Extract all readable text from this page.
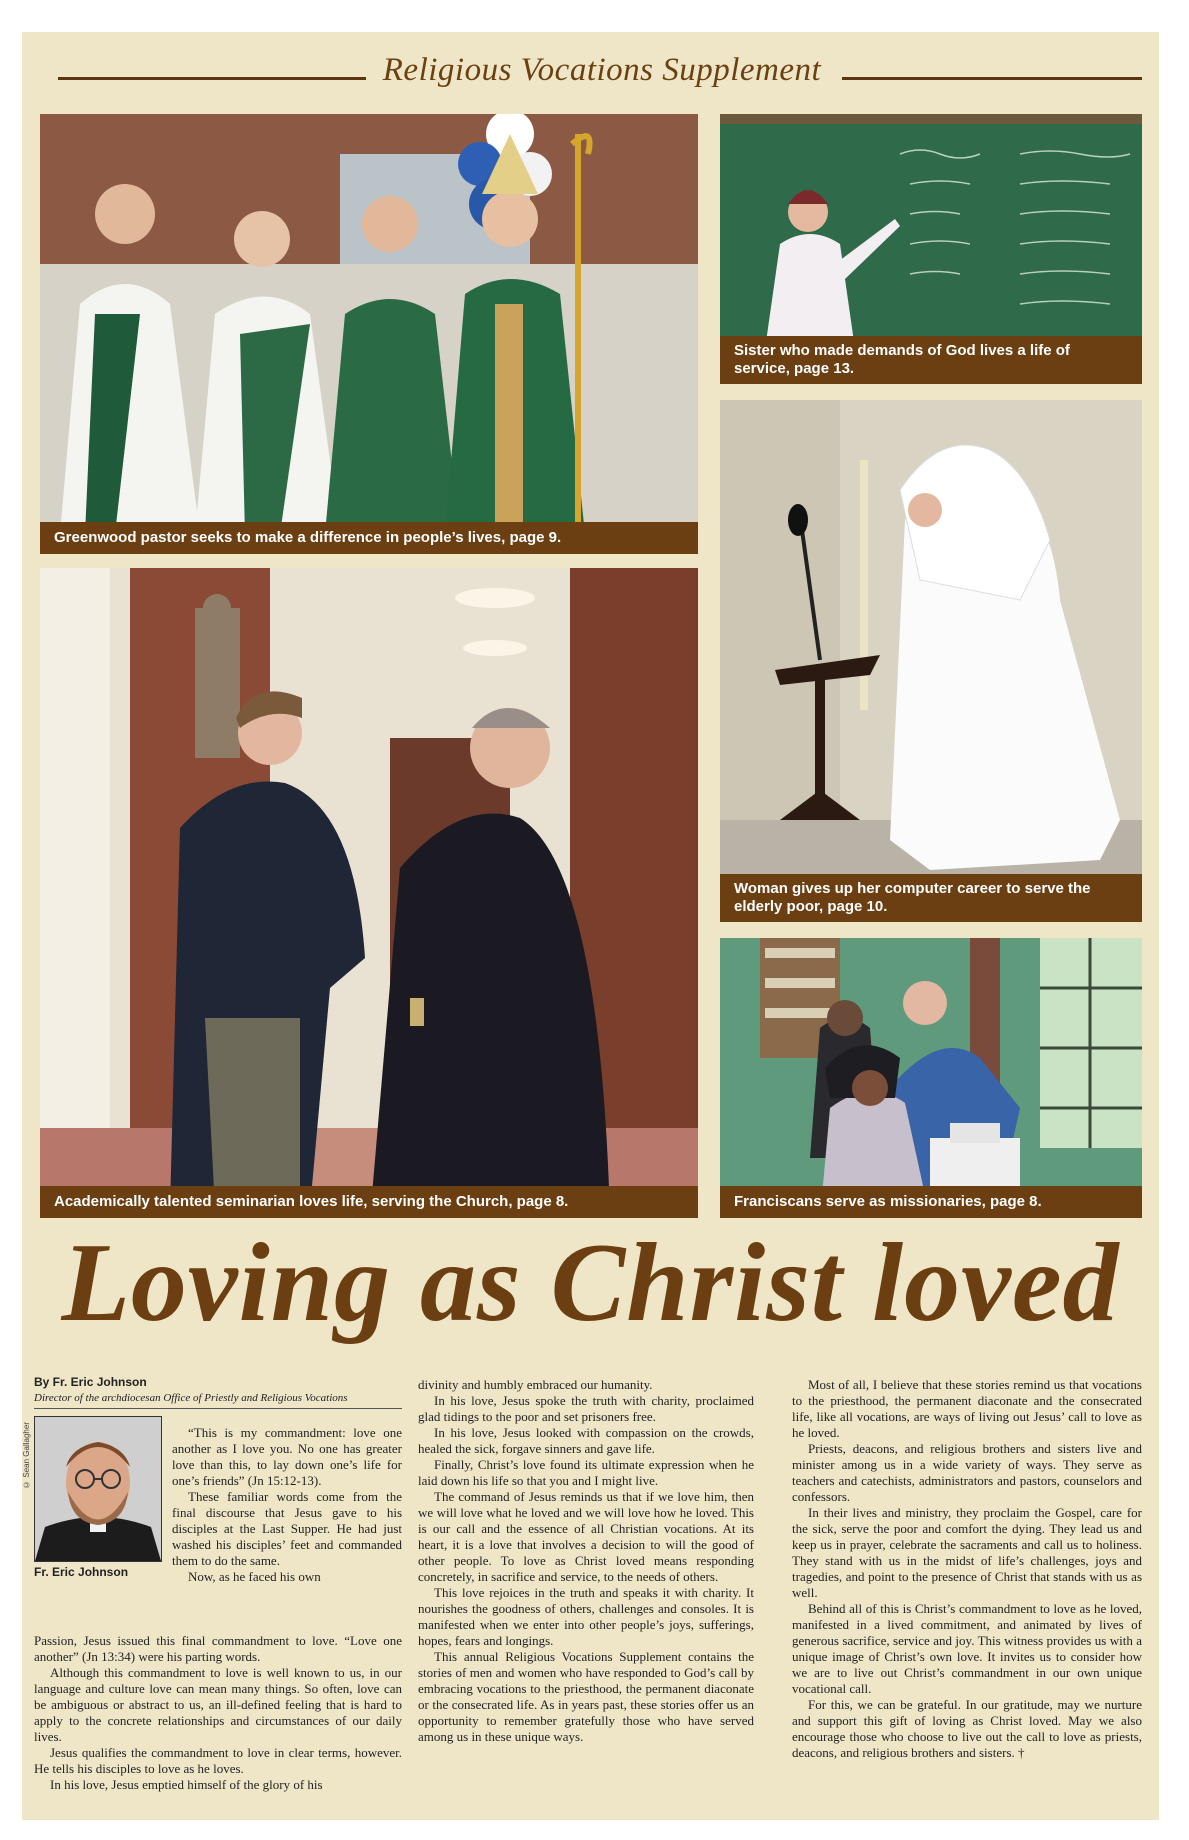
Religious Vocations Supplement
Greenwood pastor seeks to make a difference in people’s lives, page 9.
Sister who made demands of God lives a life of service, page 13.
Woman gives up her computer career to serve the elderly poor, page 10.
Academically talented seminarian loves life, serving the Church, page 8.	Franciscans serve as missionaries, page 8.
Loving as Christ loved
By Fr. Eric Johnson
Director of the archdiocesan Office of Priestly and Religious Vocations
© Sean Gallagher
Fr. Eric Johnson

“This is my commandment: love one another as I love you. No one has greater love than this, to lay down one’s life for one’s friends” (Jn 15:12-13).

These familiar words come from the final discourse that Jesus gave to his disciples at the Last Supper. He had just washed his disciples’ feet and commanded them to do the same.

Now, as he faced his own

Passion, Jesus issued this final commandment to love. “Love one another” (Jn 13:34) were his parting words.

Although this commandment to love is well known to us, in our language and culture love can mean many things. So often, love can be ambiguous or abstract to us, an ill-defined feeling that is hard to apply to the concrete relationships and circumstances of our daily lives.

Jesus qualifies the commandment to love in clear terms, however. He tells his disciples to love as he loves.

In his love, Jesus emptied himself of the glory of his

divinity and humbly embraced our humanity.

In his love, Jesus spoke the truth with charity, proclaimed glad tidings to the poor and set prisoners free.

In his love, Jesus looked with compassion on the crowds, healed the sick, forgave sinners and gave life.

Finally, Christ’s love found its ultimate expression when he laid down his life so that you and I might live.

The command of Jesus reminds us that if we love him, then we will love what he loved and we will love how he loved. This is our call and the essence of all Christian vocations. At its heart, it is a love that involves a decision to will the good of other people. To love as Christ loved means responding concretely, in sacrifice and service, to the needs of others.

This love rejoices in the truth and speaks it with charity. It nourishes the goodness of others, challenges and consoles. It is manifested when we enter into other people’s joys, sufferings, hopes, fears and longings.

This annual Religious Vocations Supplement contains the stories of men and women who have responded to God’s call by embracing vocations to the priesthood, the permanent diaconate or the consecrated life. As in years past, these stories offer us an opportunity to remember gratefully those who have served among us in these unique ways.

Most of all, I believe that these stories remind us that vocations to the priesthood, the permanent diaconate and the consecrated life, like all vocations, are ways of living out Jesus’ call to love as he loved.

Priests, deacons, and religious brothers and sisters live and minister among us in a wide variety of ways. They serve as teachers and catechists, administrators and pastors, counselors and confessors.

In their lives and ministry, they proclaim the Gospel, care for the sick, serve the poor and comfort the dying. They lead us and keep us in prayer, celebrate the sacraments and call us to holiness. They stand with us in the midst of life’s challenges, joys and tragedies, and point to the presence of Christ that stands with us as well.

Behind all of this is Christ’s commandment to love as he loved, manifested in a lived commitment, and animated by lives of generous sacrifice, service and joy. This witness provides us with a unique image of Christ’s own love. It invites us to consider how we are to live out Christ’s commandment in our own unique vocational call.

For this, we can be grateful. In our gratitude, may we nurture and support this gift of loving as Christ loved. May we also encourage those who choose to live out the call to love as priests, deacons, and religious brothers and sisters. †
